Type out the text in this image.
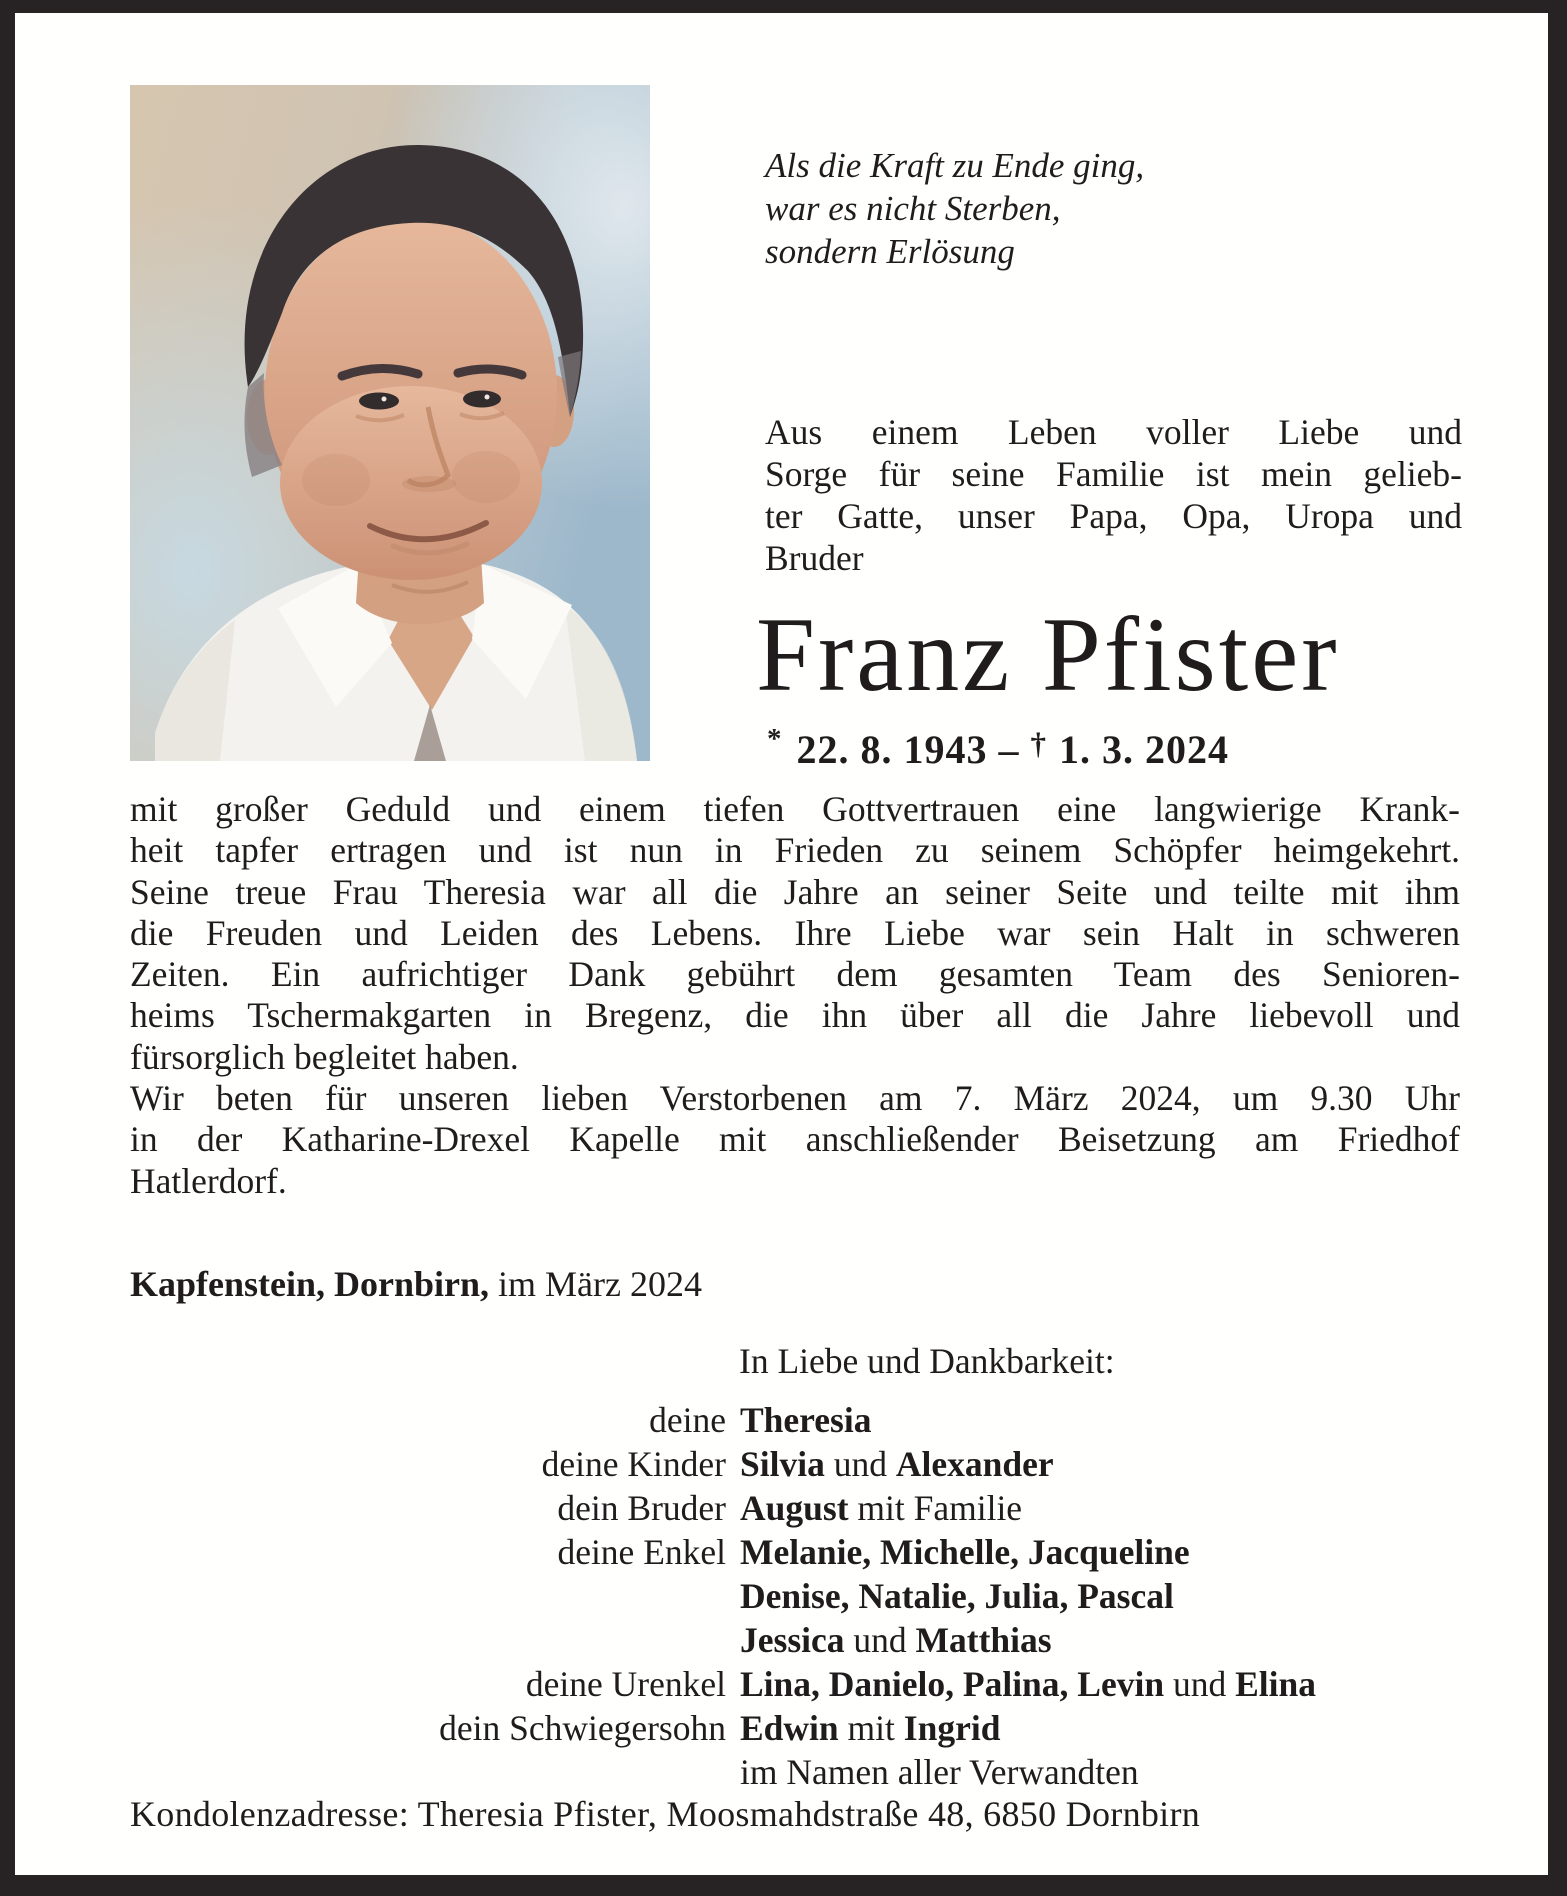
Als die Kraft zu Ende ging,
war es nicht Sterben,
sondern Erlösung
Aus einem Leben voller Liebe und
Sorge für seine Familie ist mein gelieb-
ter Gatte, unser Papa, Opa, Uropa und
Bruder
Franz Pfister
* 22. 8. 1943 – † 1. 3. 2024
mit großer Geduld und einem tiefen Gottvertrauen eine langwierige Krank-
heit tapfer ertragen und ist nun in Frieden zu seinem Schöpfer heimgekehrt.
Seine treue Frau Theresia war all die Jahre an seiner Seite und teilte mit ihm
die Freuden und Leiden des Lebens. Ihre Liebe war sein Halt in schweren
Zeiten. Ein aufrichtiger Dank gebührt dem gesamten Team des Senioren-
heims Tschermakgarten in Bregenz, die ihn über all die Jahre liebevoll und
fürsorglich begleitet haben.
Wir beten für unseren lieben Verstorbenen am 7. März 2024, um 9.30 Uhr
in der Katharine-Drexel Kapelle mit anschließender Beisetzung am Friedhof
Hatlerdorf.
Kapfenstein, Dornbirn, im März 2024
In Liebe und Dankbarkeit:
deine Theresia
deine Kinder Silvia und Alexander
dein Bruder August mit Familie
deine Enkel Melanie, Michelle, Jacqueline
Denise, Natalie, Julia, Pascal
Jessica und Matthias
deine Urenkel Lina, Danielo, Palina, Levin und Elina
dein Schwiegersohn Edwin mit Ingrid
im Namen aller Verwandten
Kondolenzadresse: Theresia Pfister, Moosmahdstraße 48, 6850 Dornbirn
